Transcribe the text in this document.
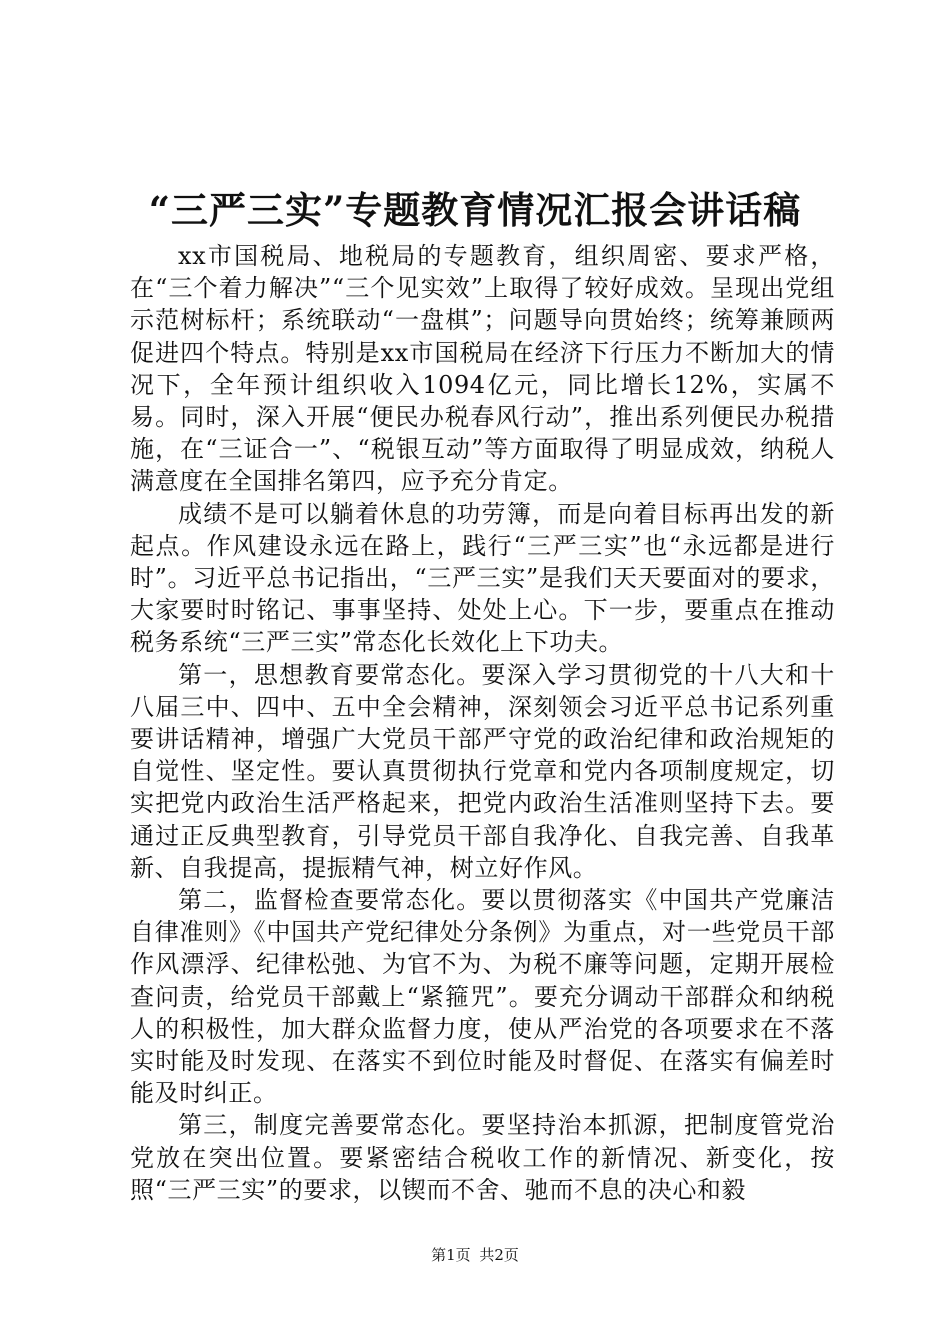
“三严三实”专题教育情况汇报会讲话稿

xx市国税局、地税局的专题教育，组织周密、要求严格，在“三个着力解决”“三个见实效”上取得了较好成效。呈现出党组示范树标杆；系统联动“一盘棋”；问题导向贯始终；统筹兼顾两促进四个特点。特别是xx市国税局在经济下行压力不断加大的情况下，全年预计组织收入1094亿元，同比增长12%，实属不易。同时，深入开展“便民办税春风行动”，推出系列便民办税措施，在“三证合一”、“税银互动”等方面取得了明显成效，纳税人满意度在全国排名第四，应予充分肯定。

成绩不是可以躺着休息的功劳簿，而是向着目标再出发的新起点。作风建设永远在路上，践行“三严三实”也“永远都是进行时”。习近平总书记指出，“三严三实”是我们天天要面对的要求，大家要时时铭记、事事坚持、处处上心。下一步，要重点在推动税务系统“三严三实”常态化长效化上下功夫。

第一，思想教育要常态化。要深入学习贯彻党的十八大和十八届三中、四中、五中全会精神，深刻领会习近平总书记系列重要讲话精神，增强广大党员干部严守党的政治纪律和政治规矩的自觉性、坚定性。要认真贯彻执行党章和党内各项制度规定，切实把党内政治生活严格起来，把党内政治生活准则坚持下去。要通过正反典型教育，引导党员干部自我净化、自我完善、自我革新、自我提高，提振精气神，树立好作风。

第二，监督检查要常态化。要以贯彻落实《中国共产党廉洁自律准则》《中国共产党纪律处分条例》为重点，对一些党员干部作风漂浮、纪律松弛、为官不为、为税不廉等问题，定期开展检查问责，给党员干部戴上“紧箍咒”。要充分调动干部群众和纳税人的积极性，加大群众监督力度，使从严治党的各项要求在不落实时能及时发现、在落实不到位时能及时督促、在落实有偏差时能及时纠正。

第三，制度完善要常态化。要坚持治本抓源，把制度管党治党放在突出位置。要紧密结合税收工作的新情况、新变化，按照“三严三实”的要求，以锲而不舍、驰而不息的决心和毅

第1页 共2页
